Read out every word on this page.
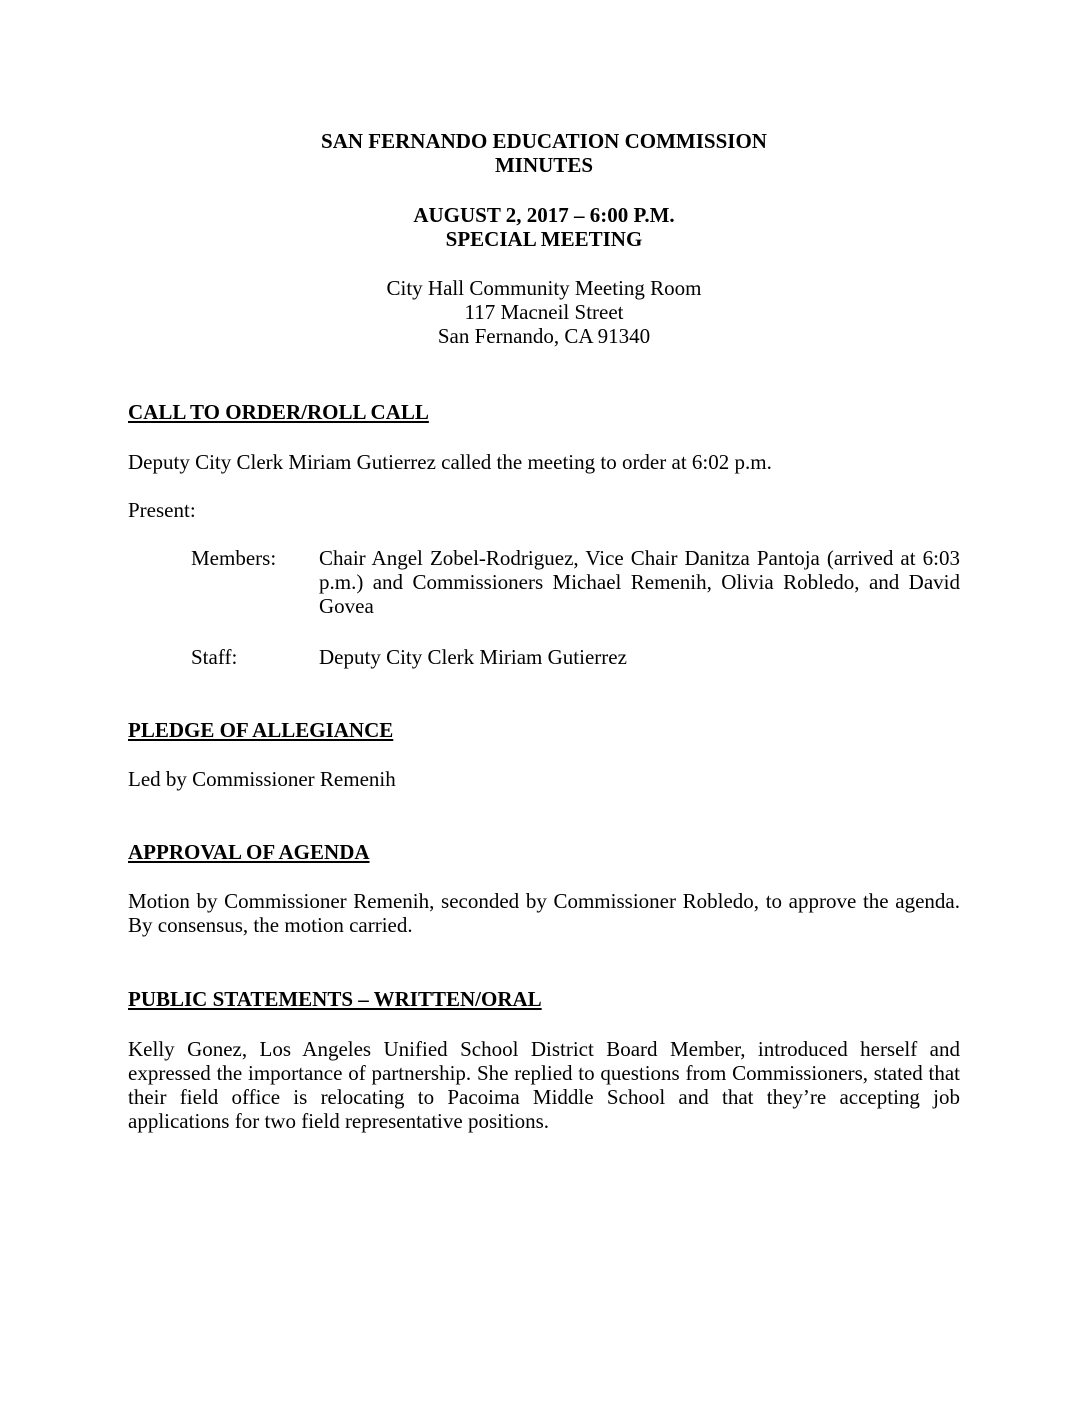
SAN FERNANDO EDUCATION COMMISSION
MINUTES
AUGUST 2, 2017 – 6:00 P.M.
SPECIAL MEETING
City Hall Community Meeting Room
117 Macneil Street
San Fernando, CA 91340
CALL TO ORDER/ROLL CALL
Deputy City Clerk Miriam Gutierrez called the meeting to order at 6:02 p.m.
Present:
Members: Chair Angel Zobel-Rodriguez, Vice Chair Danitza Pantoja (arrived at 6:03 p.m.) and Commissioners Michael Remenih, Olivia Robledo, and David Govea
Staff:	Deputy City Clerk Miriam Gutierrez
PLEDGE OF ALLEGIANCE
Led by Commissioner Remenih
APPROVAL OF AGENDA
Motion by Commissioner Remenih, seconded by Commissioner Robledo, to approve the agenda. By consensus, the motion carried.
PUBLIC STATEMENTS – WRITTEN/ORAL
Kelly Gonez, Los Angeles Unified School District Board Member, introduced herself and expressed the importance of partnership. She replied to questions from Commissioners, stated that their field office is relocating to Pacoima Middle School and that they’re accepting job applications for two field representative positions.
